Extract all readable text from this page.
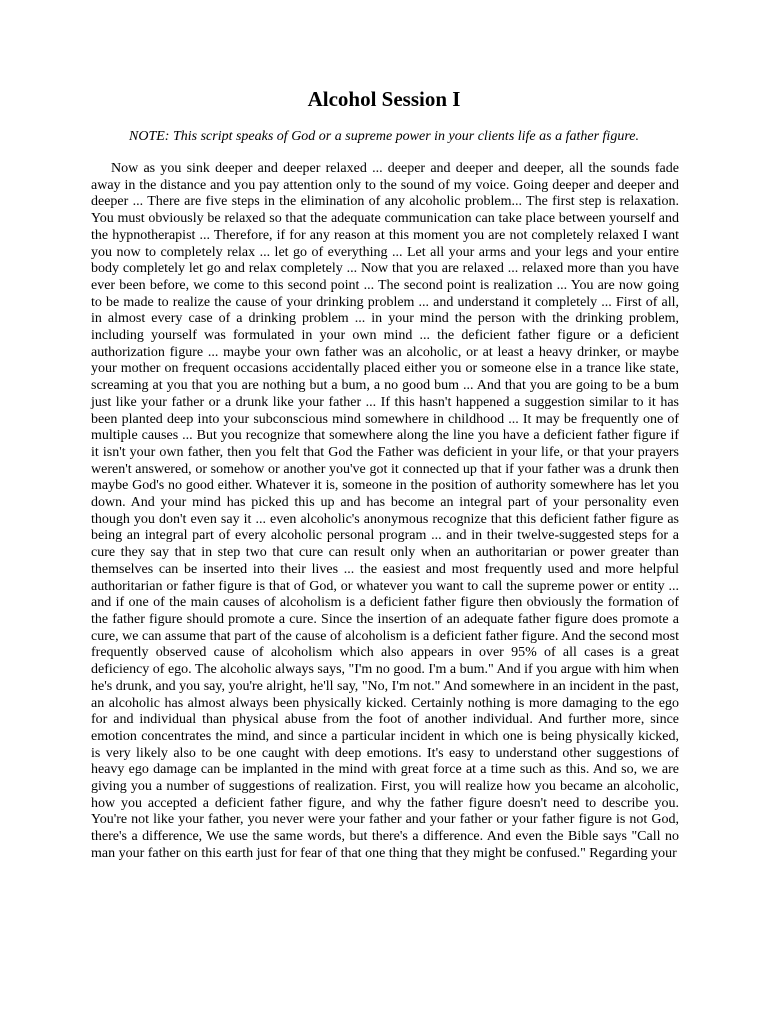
Alcohol Session I

NOTE: This script speaks of God or a supreme power in your clients life as a father figure.

Now as you sink deeper and deeper relaxed ... deeper and deeper and deeper, all the sounds fade away in the distance and you pay attention only to the sound of my voice. Going deeper and deeper and deeper ... There are five steps in the elimination of any alcoholic problem... The first step is relaxation. You must obviously be relaxed so that the adequate communication can take place between yourself and the hypnotherapist ... Therefore, if for any reason at this moment you are not completely relaxed I want you now to completely relax ... let go of everything ... Let all your arms and your legs and your entire body completely let go and relax completely ... Now that you are relaxed ... relaxed more than you have ever been before, we come to this second point ... The second point is realization ... You are now going to be made to realize the cause of your drinking problem ... and understand it completely ... First of all, in almost every case of a drinking problem ... in your mind the person with the drinking problem, including yourself was formulated in your own mind ... the deficient father figure or a deficient authorization figure ... maybe your own father was an alcoholic, or at least a heavy drinker, or maybe your mother on frequent occasions accidentally placed either you or someone else in a trance like state, screaming at you that you are nothing but a bum, a no good bum ... And that you are going to be a bum just like your father or a drunk like your father ... If this hasn't happened a suggestion similar to it has been planted deep into your subconscious mind somewhere in childhood ... It may be frequently one of multiple causes ... But you recognize that somewhere along the line you have a deficient father figure if it isn't your own father, then you felt that God the Father was deficient in your life, or that your prayers weren't answered, or somehow or another you've got it connected up that if your father was a drunk then maybe God's no good either. Whatever it is, someone in the position of authority somewhere has let you down. And your mind has picked this up and has become an integral part of your personality even though you don't even say it ... even alcoholic's anonymous recognize that this deficient father figure as being an integral part of every alcoholic personal program ... and in their twelve-suggested steps for a cure they say that in step two that cure can result only when an authoritarian or power greater than themselves can be inserted into their lives ... the easiest and most frequently used and more helpful authoritarian or father figure is that of God, or whatever you want to call the supreme power or entity ... and if one of the main causes of alcoholism is a deficient father figure then obviously the formation of the father figure should promote a cure. Since the insertion of an adequate father figure does promote a cure, we can assume that part of the cause of alcoholism is a deficient father figure. And the second most frequently observed cause of alcoholism which also appears in over 95% of all cases is a great deficiency of ego. The alcoholic always says, "I'm no good. I'm a bum." And if you argue with him when he's drunk, and you say, you're alright, he'll say, "No, I'm not." And somewhere in an incident in the past, an alcoholic has almost always been physically kicked. Certainly nothing is more damaging to the ego for and individual than physical abuse from the foot of another individual. And further more, since emotion concentrates the mind, and since a particular incident in which one is being physically kicked, is very likely also to be one caught with deep emotions. It's easy to understand other suggestions of heavy ego damage can be implanted in the mind with great force at a time such as this. And so, we are giving you a number of suggestions of realization. First, you will realize how you became an alcoholic, how you accepted a deficient father figure, and why the father figure doesn't need to describe you. You're not like your father, you never were your father and your father or your father figure is not God, there's a difference, We use the same words, but there's a difference. And even the Bible says "Call no man your father on this earth just for fear of that one thing that they might be confused." Regarding your
